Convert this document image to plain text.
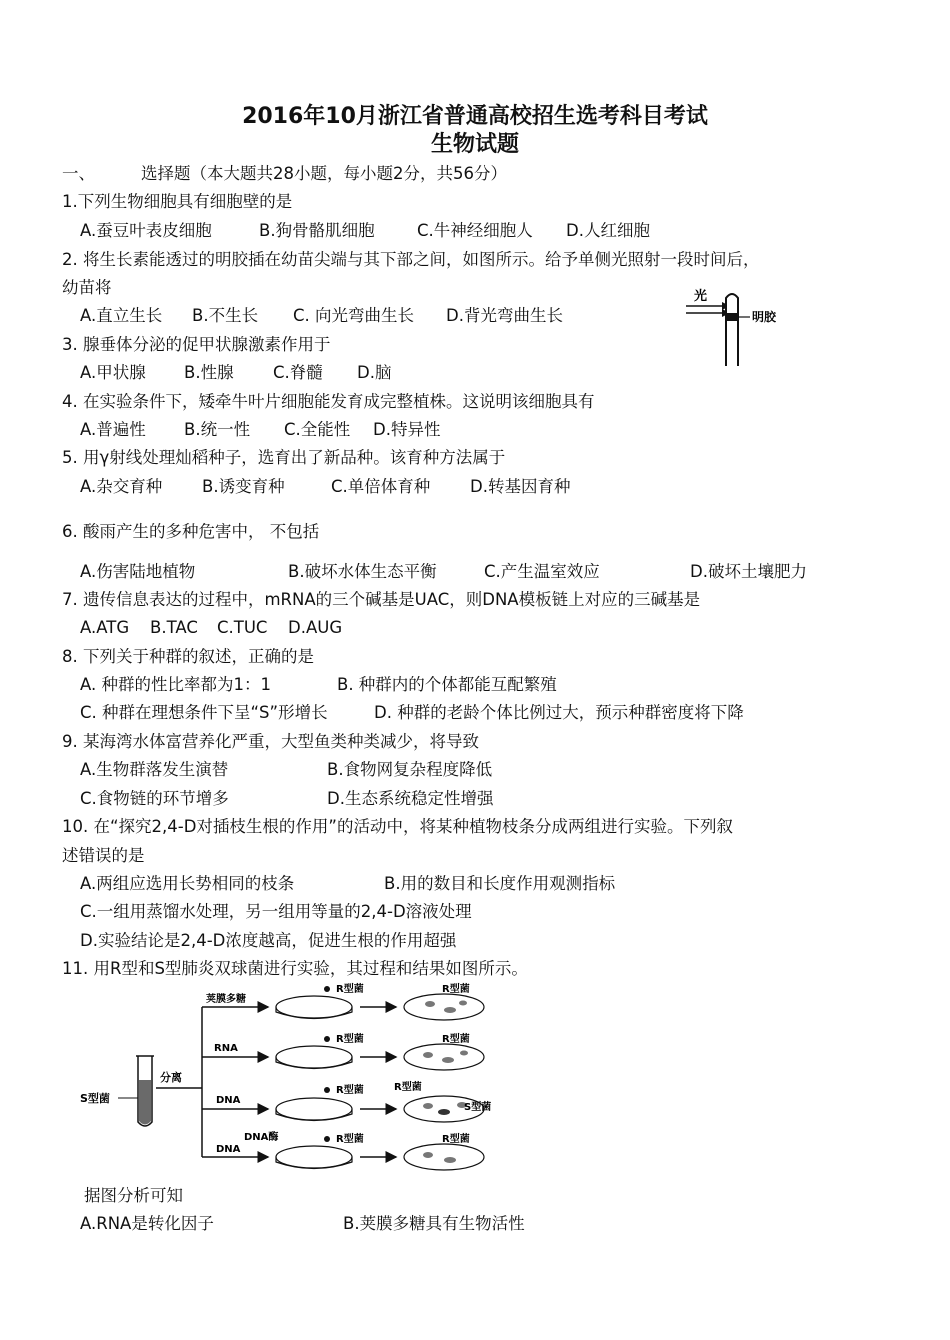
2016年10月浙江省普通高校招生选考科目考试
生物试题
一、	选择题（本大题共28小题，每小题2分，共56分）
1.下列生物细胞具有细胞壁的是
A.蚕豆叶表皮细胞	B.狗骨骼肌细胞	C.牛神经细胞人 D.人红细胞
2. 将生长素能透过的明胶插在幼苗尖端与其下部之间，如图所示。给予单侧光照射一段时间后，
幼苗将
A.直立生长 B.不生长 C. 向光弯曲生长 D.背光弯曲生长
光
明胶
3. 腺垂体分泌的促甲状腺激素作用于
A.甲状腺 B.性腺 C.脊髓 D.脑
4. 在实验条件下，矮牵牛叶片细胞能发育成完整植株。这说明该细胞具有
A.普遍性 B.统一性 C.全能性 D.特异性
5. 用γ射线处理灿稻种子，选育出了新品种。该育种方法属于
A.杂交育种 B.诱变育种	C.单倍体育种 D.转基因育种
6. 酸雨产生的多种危害中， 不包括
A.伤害陆地植物	B.破坏水体生态平衡	C.产生温室效应	D.破坏土壤肥力
7. 遗传信息表达的过程中，mRNA的三个碱基是UAC，则DNA模板链上对应的三碱基是
A.ATG B.TAC C.TUC D.AUG
8. 下列关于种群的叙述，正确的是
A. 种群的性比率都为1：1	B. 种群内的个体都能互配繁殖
C. 种群在理想条件下呈“S”形增长	D. 种群的老龄个体比例过大，预示种群密度将下降
9. 某海湾水体富营养化严重，大型鱼类种类减少，将导致
A.生物群落发生演替	B.食物网复杂程度降低
C.食物链的环节增多	D.生态系统稳定性增强
10. 在“探究2,4-D对插枝生根的作用”的活动中，将某种植物枝条分成两组进行实验。下列叙
述错误的是
A.两组应选用长势相同的枝条	B.用的数目和长度作用观测指标
C.一组用蒸馏水处理，另一组用等量的2,4-D溶液处理
D.实验结论是2,4-D浓度越高，促进生根的作用超强
11. 用R型和S型肺炎双球菌进行实验，其过程和结果如图所示。
S型菌
分离
荚膜多糖
RNA
DNA
DNA
DNA酶
R型菌
R型菌
R型菌
R型菌
R型菌
R型菌
R型菌
S型菌
R型菌
据图分析可知
A.RNA是转化因子	B.荚膜多糖具有生物活性
